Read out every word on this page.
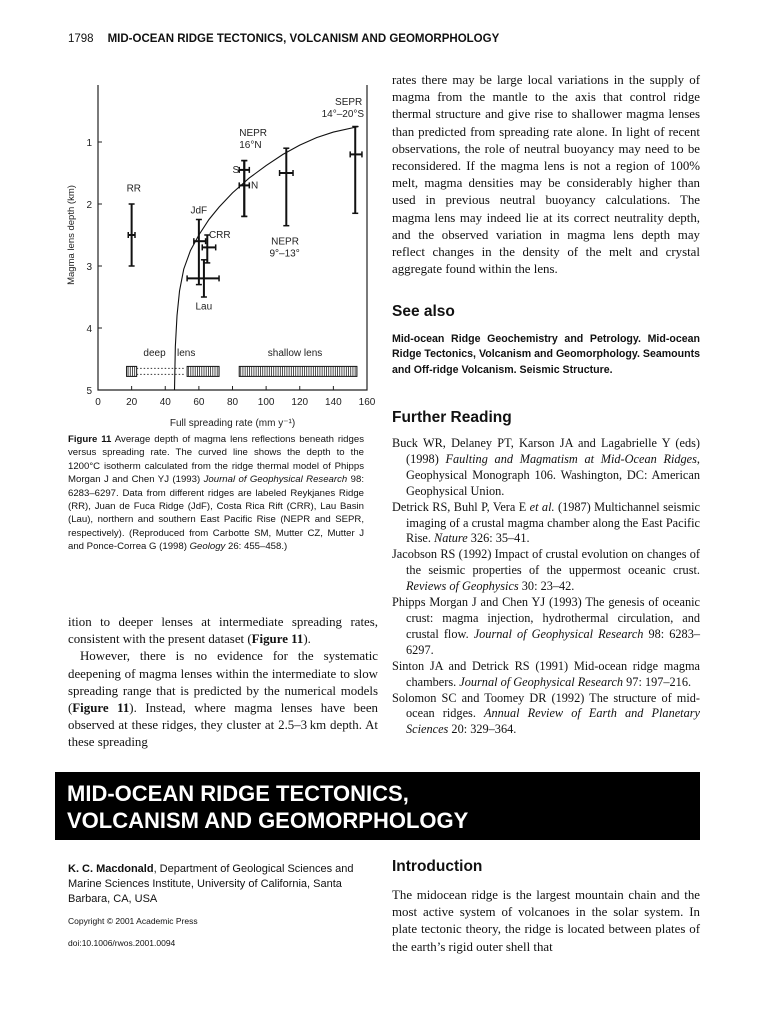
1798 MID-OCEAN RIDGE TECTONICS, VOLCANISM AND GEOMORPHOLOGY
0	20 40 60 80 100 120 140 160
1
2
3
4
5
Full spreading rate (mm y⁻¹)
Magma lens depth (km)	RR
JdF
CRR
Lau
NEPR
16°N
S
N
NEPR
9°–13°
SEPR
14°–20°S
deep lens	shallow lens
Figure 11 Average depth of magma lens reflections beneath ridges versus spreading rate. The curved line shows the depth to the 1200°C isotherm calculated from the ridge thermal model of Phipps Morgan J and Chen YJ (1993) Journal of Geophysical Research 98: 6283–6297. Data from different ridges are labeled Reykjanes Ridge (RR), Juan de Fuca Ridge (JdF), Costa Rica Rift (CRR), Lau Basin (Lau), northern and southern East Pacific Rise (NEPR and SEPR, respectively). (Reproduced from Carbotte SM, Mutter CZ, Mutter J and Ponce-Correa G (1998) Geology 26: 455–458.)

ition to deeper lenses at intermediate spreading rates, consistent with the present dataset (Figure 11).

However, there is no evidence for the systematic deepening of magma lenses within the intermediate to slow spreading range that is predicted by the numerical models (Figure 11). Instead, where magma lenses have been observed at these ridges, they cluster at 2.5–3 km depth. At these spreading

rates there may be large local variations in the supply of magma from the mantle to the axis that control ridge thermal structure and give rise to shallower magma lenses than predicted from spreading rate alone. In light of recent observations, the role of neutral buoyancy may need to be reconsidered. If the magma lens is not a region of 100% melt, magma densities may be considerably higher than used in previous neutral buoyancy calculations. The magma lens may indeed lie at its correct neutrality depth, and the observed variation in magma lens depth may reflect changes in the density of the melt and crystal aggregate found within the lens.

See also
Mid-ocean Ridge Geochemistry and Petrology. Mid-ocean Ridge Tectonics, Volcanism and Geomorphology. Seamounts and Off-ridge Volcanism. Seismic Structure.
Further Reading
Buck WR, Delaney PT, Karson JA and Lagabrielle Y (eds) (1998) Faulting and Magmatism at Mid-Ocean Ridges, Geophysical Monograph 106. Washington, DC: American Geophysical Union.
Detrick RS, Buhl P, Vera E et al. (1987) Multichannel seismic imaging of a crustal magma chamber along the East Pacific Rise. Nature 326: 35–41.
Jacobson RS (1992) Impact of crustal evolution on changes of the seismic properties of the uppermost oceanic crust. Reviews of Geophysics 30: 23–42.
Phipps Morgan J and Chen YJ (1993) The genesis of oceanic crust: magma injection, hydrothermal circulation, and crustal flow. Journal of Geophysical Research 98: 6283–6297.
Sinton JA and Detrick RS (1991) Mid-ocean ridge magma chambers. Journal of Geophysical Research 97: 197–216.
Solomon SC and Toomey DR (1992) The structure of mid-ocean ridges. Annual Review of Earth and Planetary Sciences 20: 329–364.
MID-OCEAN RIDGE TECTONICS,
VOLCANISM AND GEOMORPHOLOGY
K. C. Macdonald, Department of Geological Sciences and Marine Sciences Institute, University of California, Santa Barbara, CA, USA
Copyright © 2001 Academic Press
doi:10.1006/rwos.2001.0094
Introduction
The midocean ridge is the largest mountain chain and the most active system of volcanoes in the solar system. In plate tectonic theory, the ridge is located between plates of the earth’s rigid outer shell that
